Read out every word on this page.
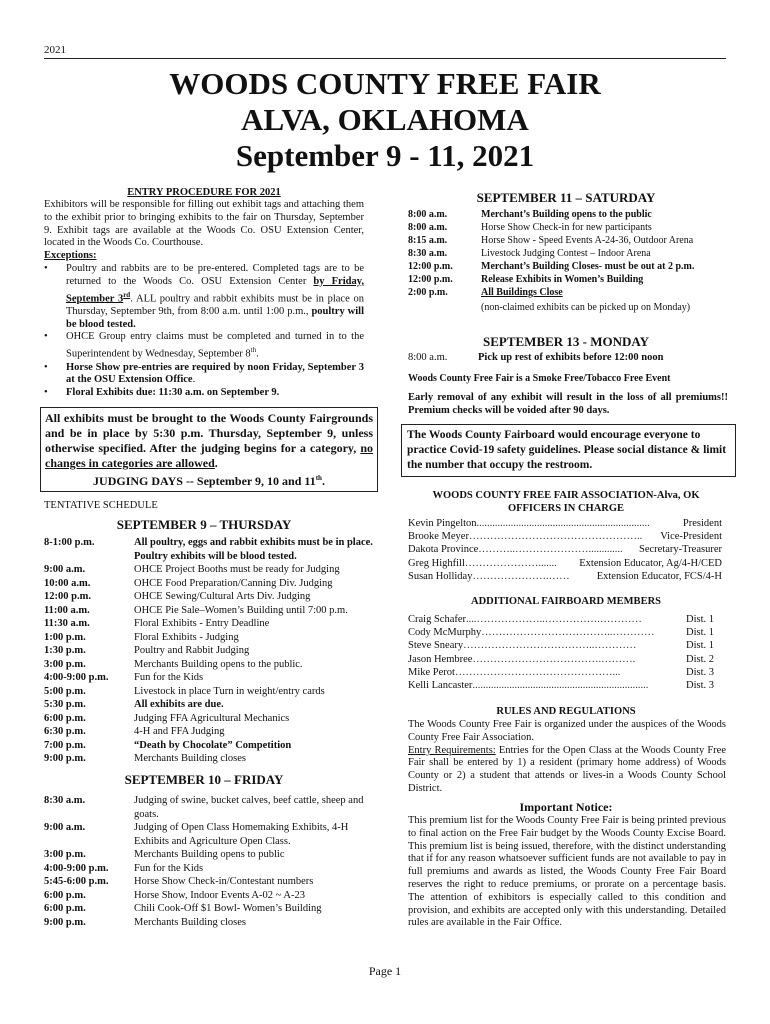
2021
WOODS COUNTY FREE FAIR
ALVA, OKLAHOMA
September 9 - 11, 2021
ENTRY PROCEDURE FOR 2021
Exhibitors will be responsible for filling out exhibit tags and attaching them to the exhibit prior to bringing exhibits to the fair on Thursday, September 9. Exhibit tags are available at the Woods Co. OSU Extension Center, located in the Woods Co. Courthouse.
Exceptions:
•	Poultry and rabbits are to be pre-entered. Completed tags are to be returned to the Woods Co. OSU Extension Center by Friday, September 3rd. ALL poultry and rabbit exhibits must be in place on Thursday, September 9th, from 8:00 a.m. until 1:00 p.m., poultry will be blood tested.
•	OHCE Group entry claims must be completed and turned in to the Superintendent by Wednesday, September 8th.
•	Horse Show pre-entries are required by noon Friday, September 3 at the OSU Extension Office.
•	Floral Exhibits due: 11:30 a.m. on September 9.
All exhibits must be brought to the Woods County Fairgrounds and be in place by 5:30 p.m. Thursday, September 9, unless otherwise specified. After the judging begins for a category, no changes in categories are allowed.
JUDGING DAYS -- September 9, 10 and 11th.
TENTATIVE SCHEDULE
SEPTEMBER 9 – THURSDAY
8-1:00 p.m.	All poultry, eggs and rabbit exhibits must be in place. Poultry exhibits will be blood tested.
9:00 a.m.	OHCE Project Booths must be ready for Judging
10:00 a.m.	OHCE Food Preparation/Canning Div. Judging
12:00 p.m.	OHCE Sewing/Cultural Arts Div. Judging
11:00 a.m.	OHCE Pie Sale–Women’s Building until 7:00 p.m.
11:30 a.m.	Floral Exhibits - Entry Deadline
1:00 p.m.	Floral Exhibits - Judging
1:30 p.m.	Poultry and Rabbit Judging
3:00 p.m.	Merchants Building opens to the public.
4:00-9:00 p.m.	Fun for the Kids
5:00 p.m.	Livestock in place Turn in weight/entry cards
5:30 p.m.	All exhibits are due.
6:00 p.m.	Judging FFA Agricultural Mechanics
6:30 p.m.	4-H and FFA Judging
7:00 p.m.	“Death by Chocolate” Competition
9:00 p.m.	Merchants Building closes
SEPTEMBER 10 – FRIDAY
8:30 a.m.	Judging of swine, bucket calves, beef cattle, sheep and goats.
9:00 a.m.	Judging of Open Class Homemaking Exhibits, 4-H Exhibits and Agriculture Open Class.
3:00 p.m.	Merchants Building opens to public
4:00-9:00 p.m.	Fun for the Kids
5:45-6:00 p.m.	Horse Show Check-in/Contestant numbers
6:00 p.m.	Horse Show, Indoor Events A-02 ~ A-23
6:00 p.m.	Chili Cook-Off $1 Bowl- Women’s Building
9:00 p.m.	Merchants Building closes
SEPTEMBER 11 – SATURDAY
8:00 a.m.	Merchant’s Building opens to the public
8:00 a.m.	Horse Show Check-in for new participants
8:15 a.m.	Horse Show - Speed Events A-24-36, Outdoor Arena
8:30 a.m.	Livestock Judging Contest – Indoor Arena
12:00 p.m.	Merchant’s Building Closes- must be out at 2 p.m.
12:00 p.m.	Release Exhibits in Women’s Building
2:00 p.m.	All Buildings Close
(non-claimed exhibits can be picked up on Monday)
SEPTEMBER 13 - MONDAY
8:00 a.m.	Pick up rest of exhibits before 12:00 noon
Woods County Free Fair is a Smoke Free/Tobacco Free Event
Early removal of any exhibit will result in the loss of all premiums!! Premium checks will be voided after 90 days.
The Woods County Fairboard would encourage everyone to practice Covid-19 safety guidelines. Please social distance & limit the number that occupy the restroom.
WOODS COUNTY FREE FAIR ASSOCIATION-Alva, OK
OFFICERS IN CHARGE
Kevin Pingelton ..................................................................	President
Brooke Meyer …………………………………………..	Vice-President
Dakota Province ………..………………….............	Secretary-Treasurer
Greg Highfill ………………….......	Extension Educator, Ag/4-H/CED
Susan Holliday ………………….……	Extension Educator, FCS/4-H
ADDITIONAL FAIRBOARD MEMBERS
Craig Schafer ....………………..…………….…………	Dist. 1
Cody McMurphy ………………………………..…………	Dist. 1
Steve Sneary ………………………………..…………	Dist. 1
Jason Hembree ……………………………….……….	Dist. 2
Mike Perot ………………………………………...	Dist. 3
Kelli Lancaster ...................................................................	Dist. 3
RULES AND REGULATIONS
The Woods County Free Fair is organized under the auspices of the Woods County Free Fair Association.
Entry Requirements: Entries for the Open Class at the Woods County Free Fair shall be entered by 1) a resident (primary home address) of Woods County or 2) a student that attends or lives-in a Woods County School District.
Important Notice:
This premium list for the Woods County Free Fair is being printed previous to final action on the Free Fair budget by the Woods County Excise Board. This premium list is being issued, therefore, with the distinct understanding that if for any reason whatsoever sufficient funds are not available to pay in full premiums and awards as listed, the Woods County Free Fair Board reserves the right to reduce premiums, or prorate on a percentage basis. The attention of exhibitors is especially called to this condition and provision, and exhibits are accepted only with this understanding. Detailed rules are available in the Fair Office.
Page 1
